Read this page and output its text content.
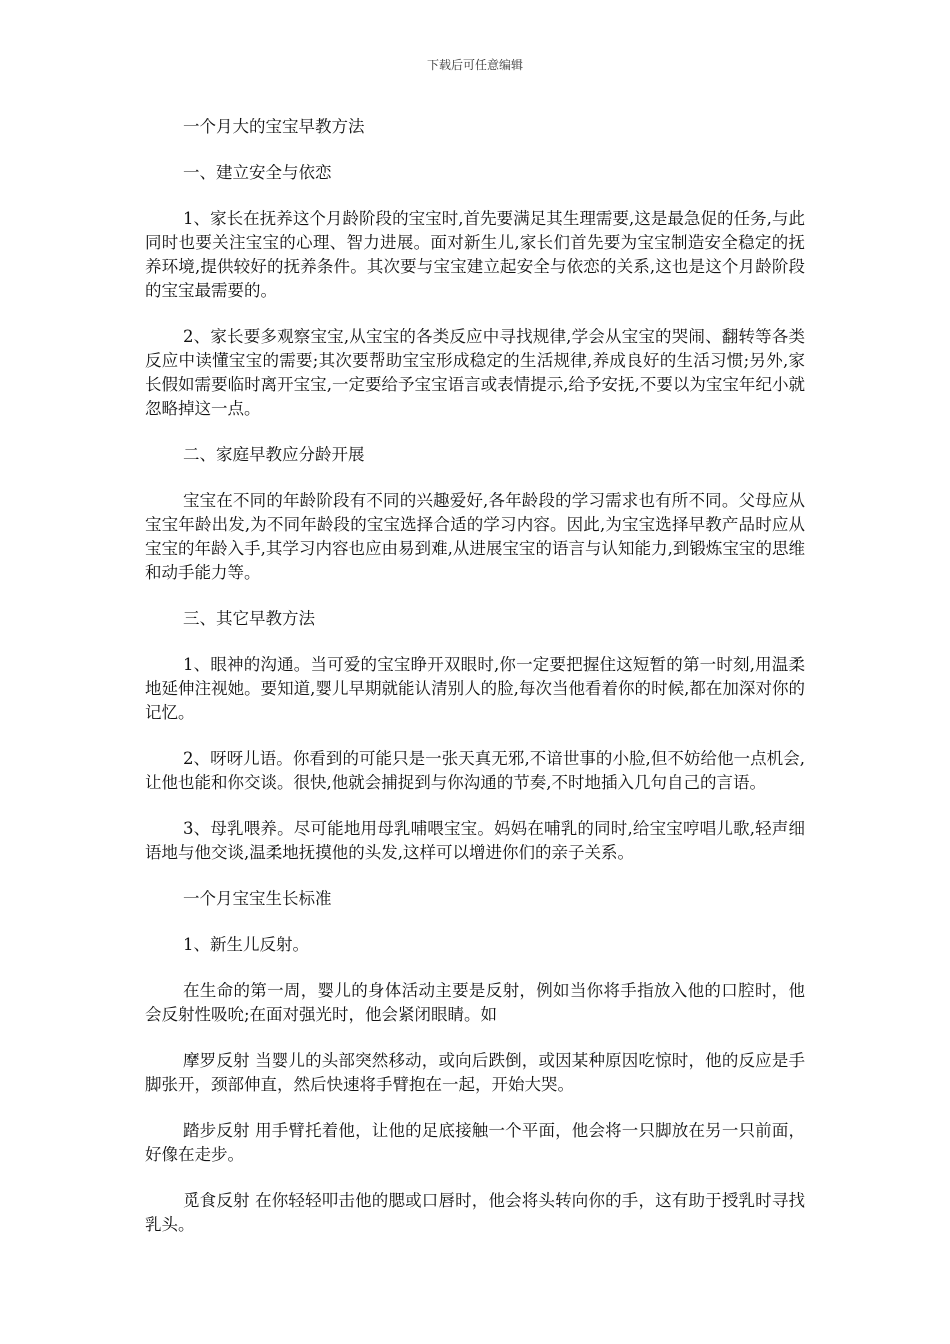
下载后可任意编辑

一个月大的宝宝早教方法

一、建立安全与依恋

1、家长在抚养这个月龄阶段的宝宝时,首先要满足其生理需要,这是最急促的任务,与此同时也要关注宝宝的心理、智力进展。面对新生儿,家长们首先要为宝宝制造安全稳定的抚养环境,提供较好的抚养条件。其次要与宝宝建立起安全与依恋的关系,这也是这个月龄阶段的宝宝最需要的。

2、家长要多观察宝宝,从宝宝的各类反应中寻找规律,学会从宝宝的哭闹、翻转等各类反应中读懂宝宝的需要;其次要帮助宝宝形成稳定的生活规律,养成良好的生活习惯;另外,家长假如需要临时离开宝宝,一定要给予宝宝语言或表情提示,给予安抚,不要以为宝宝年纪小就忽略掉这一点。

二、家庭早教应分龄开展

宝宝在不同的年龄阶段有不同的兴趣爱好,各年龄段的学习需求也有所不同。父母应从宝宝年龄出发,为不同年龄段的宝宝选择合适的学习内容。因此,为宝宝选择早教产品时应从宝宝的年龄入手,其学习内容也应由易到难,从进展宝宝的语言与认知能力,到锻炼宝宝的思维和动手能力等。

三、其它早教方法

1、眼神的沟通。当可爱的宝宝睁开双眼时,你一定要把握住这短暂的第一时刻,用温柔地延伸注视她。要知道,婴儿早期就能认清别人的脸,每次当他看着你的时候,都在加深对你的记忆。

2、呀呀儿语。你看到的可能只是一张天真无邪,不谙世事的小脸,但不妨给他一点机会,让他也能和你交谈。很快,他就会捕捉到与你沟通的节奏,不时地插入几句自己的言语。

3、母乳喂养。尽可能地用母乳哺喂宝宝。妈妈在哺乳的同时,给宝宝哼唱儿歌,轻声细语地与他交谈,温柔地抚摸他的头发,这样可以增进你们的亲子关系。

一个月宝宝生长标准

1、新生儿反射。

在生命的第一周，婴儿的身体活动主要是反射，例如当你将手指放入他的口腔时，他会反射性吸吮;在面对强光时，他会紧闭眼睛。如

摩罗反射 当婴儿的头部突然移动，或向后跌倒，或因某种原因吃惊时，他的反应是手脚张开，颈部伸直，然后快速将手臂抱在一起，开始大哭。

踏步反射 用手臂托着他，让他的足底接触一个平面，他会将一只脚放在另一只前面，好像在走步。

觅食反射 在你轻轻叩击他的腮或口唇时，他会将头转向你的手，这有助于授乳时寻找乳头。
